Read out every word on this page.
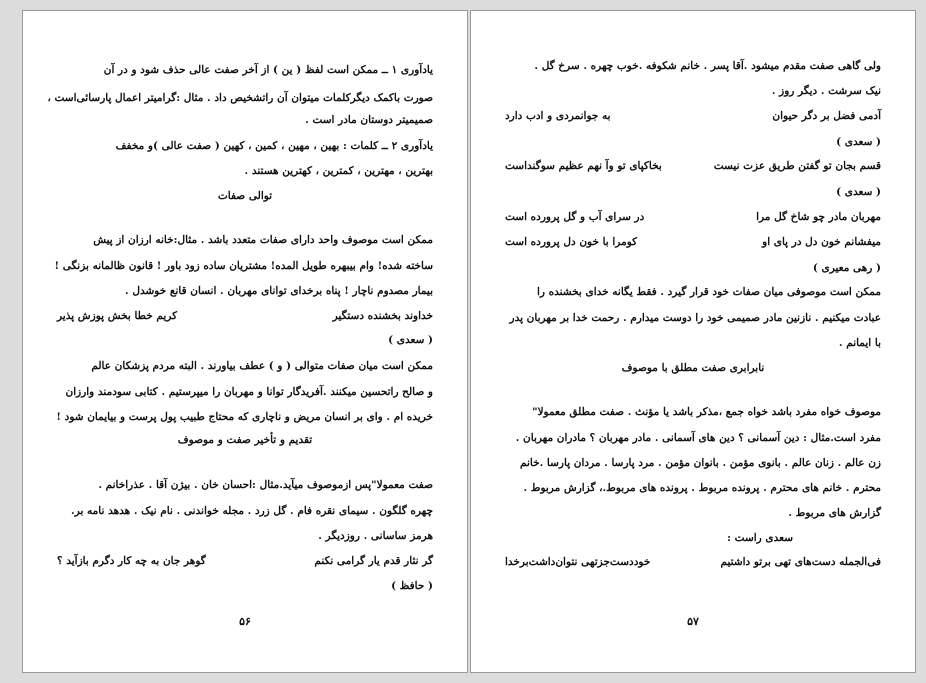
یادآوری ۱ ــ ممکن است لفظ ( ین ) از آخر صفت عالی حذف شود و در آن
صورت باکمک دیگرکلمات میتوان آن راتشخیص داد . مثال :گرامیتر اعمال پارسائی‌است ،
صمیمیتر دوستان مادر است .
یادآوری ۲ ــ کلمات : بهین ، مهین ، کمین ، کهین ( صفت عالی )و مخفف
بهترین ، مهترین ، کمترین ، کهترین هستند .
توالی صفات
ممکن است موصوف واحد دارای صفات متعدد باشد . مثال:خانه ارزان از پیش
ساخته شده! وام بیبهره طویل المده! مشتریان ساده زود باور ! قانون ظالمانه بزنگی !
بیمار مصدوم ناچار ! پناه برخدای توانای مهربان . انسان قانع خوشدل .
خداوند بخشنده دستگیر
کریم خطا بخش پوزش پذیر
( سعدی )
ممکن است میان صفات متوالی ( و ) عطف بیاورند . البته مردم پزشکان عالم
و صالح راتحسین میکنند .آفریدگار توانا و مهربان را میپرستیم . کتابی سودمند وارزان
خریده ام . وای بر انسان مریض و ناچاری که محتاج طبیب پول پرست و بیایمان شود !
تقدیم و تأخیر صفت و موصوف
صفت معمولا"پس ازموصوف میآید.مثال :احسان خان . بیژن آقا . عذراخانم .
چهره گلگون . سیمای نقره فام . گل زرد . مجله خواندنی . نام نیک . هدهد نامه بر.
هرمز ساسانی . روزدیگر .
گر نثار قدم یار گرامی نکنم
گوهر جان به چه کار دگرم بازآید ؟
( حافظ )
۵۶
ولی گاهی صفت مقدم میشود .آقا پسر . خانم شکوفه .خوب چهره . سرخ گل .
نیک سرشت . دیگر روز .
آدمی فضل بر دگر حیوان
به جوانمردی و ادب دارد
( سعدی )
قسم بجان تو گفتن طریق عزت نیست
بخاکپای تو وآ نهم عظیم سوگنداست
( سعدی )
مهربان مادر چو شاخ گل مرا
در سرای آب و گل پرورده است
میفشانم خون دل در پای او
کومرا با خون دل پرورده است
( رهی معیری )
ممکن است موصوفی میان صفات خود قرار گیرد . فقط یگانه خدای بخشنده را
عبادت میکنیم . نازنین مادر صمیمی خود را دوست میدارم . رحمت خدا بر مهربان پدر
با ایمانم .
نابرابری صفت مطلق با موصوف
موصوف خواه مفرد باشد خواه جمع ،مذکر باشد یا مؤنث . صفت مطلق معمولا"
مفرد است.مثال : دین آسمانی ؟ دین های آسمانی . مادر مهربان ؟ مادران مهربان .
زن عالم . زنان عالم . بانوی مؤمن . بانوان مؤمن . مرد پارسا . مردان پارسا .خانم
محترم . خانم های محترم . پرونده مربوط . پرونده های مربوط.، گزارش مربوط .
گزارش های مربوط .
سعدی راست :
فی‌الجمله دست‌های تهی برتو داشتیم
خوددست‌جزتهی نتوان‌داشت‌برخدا
۵۷
